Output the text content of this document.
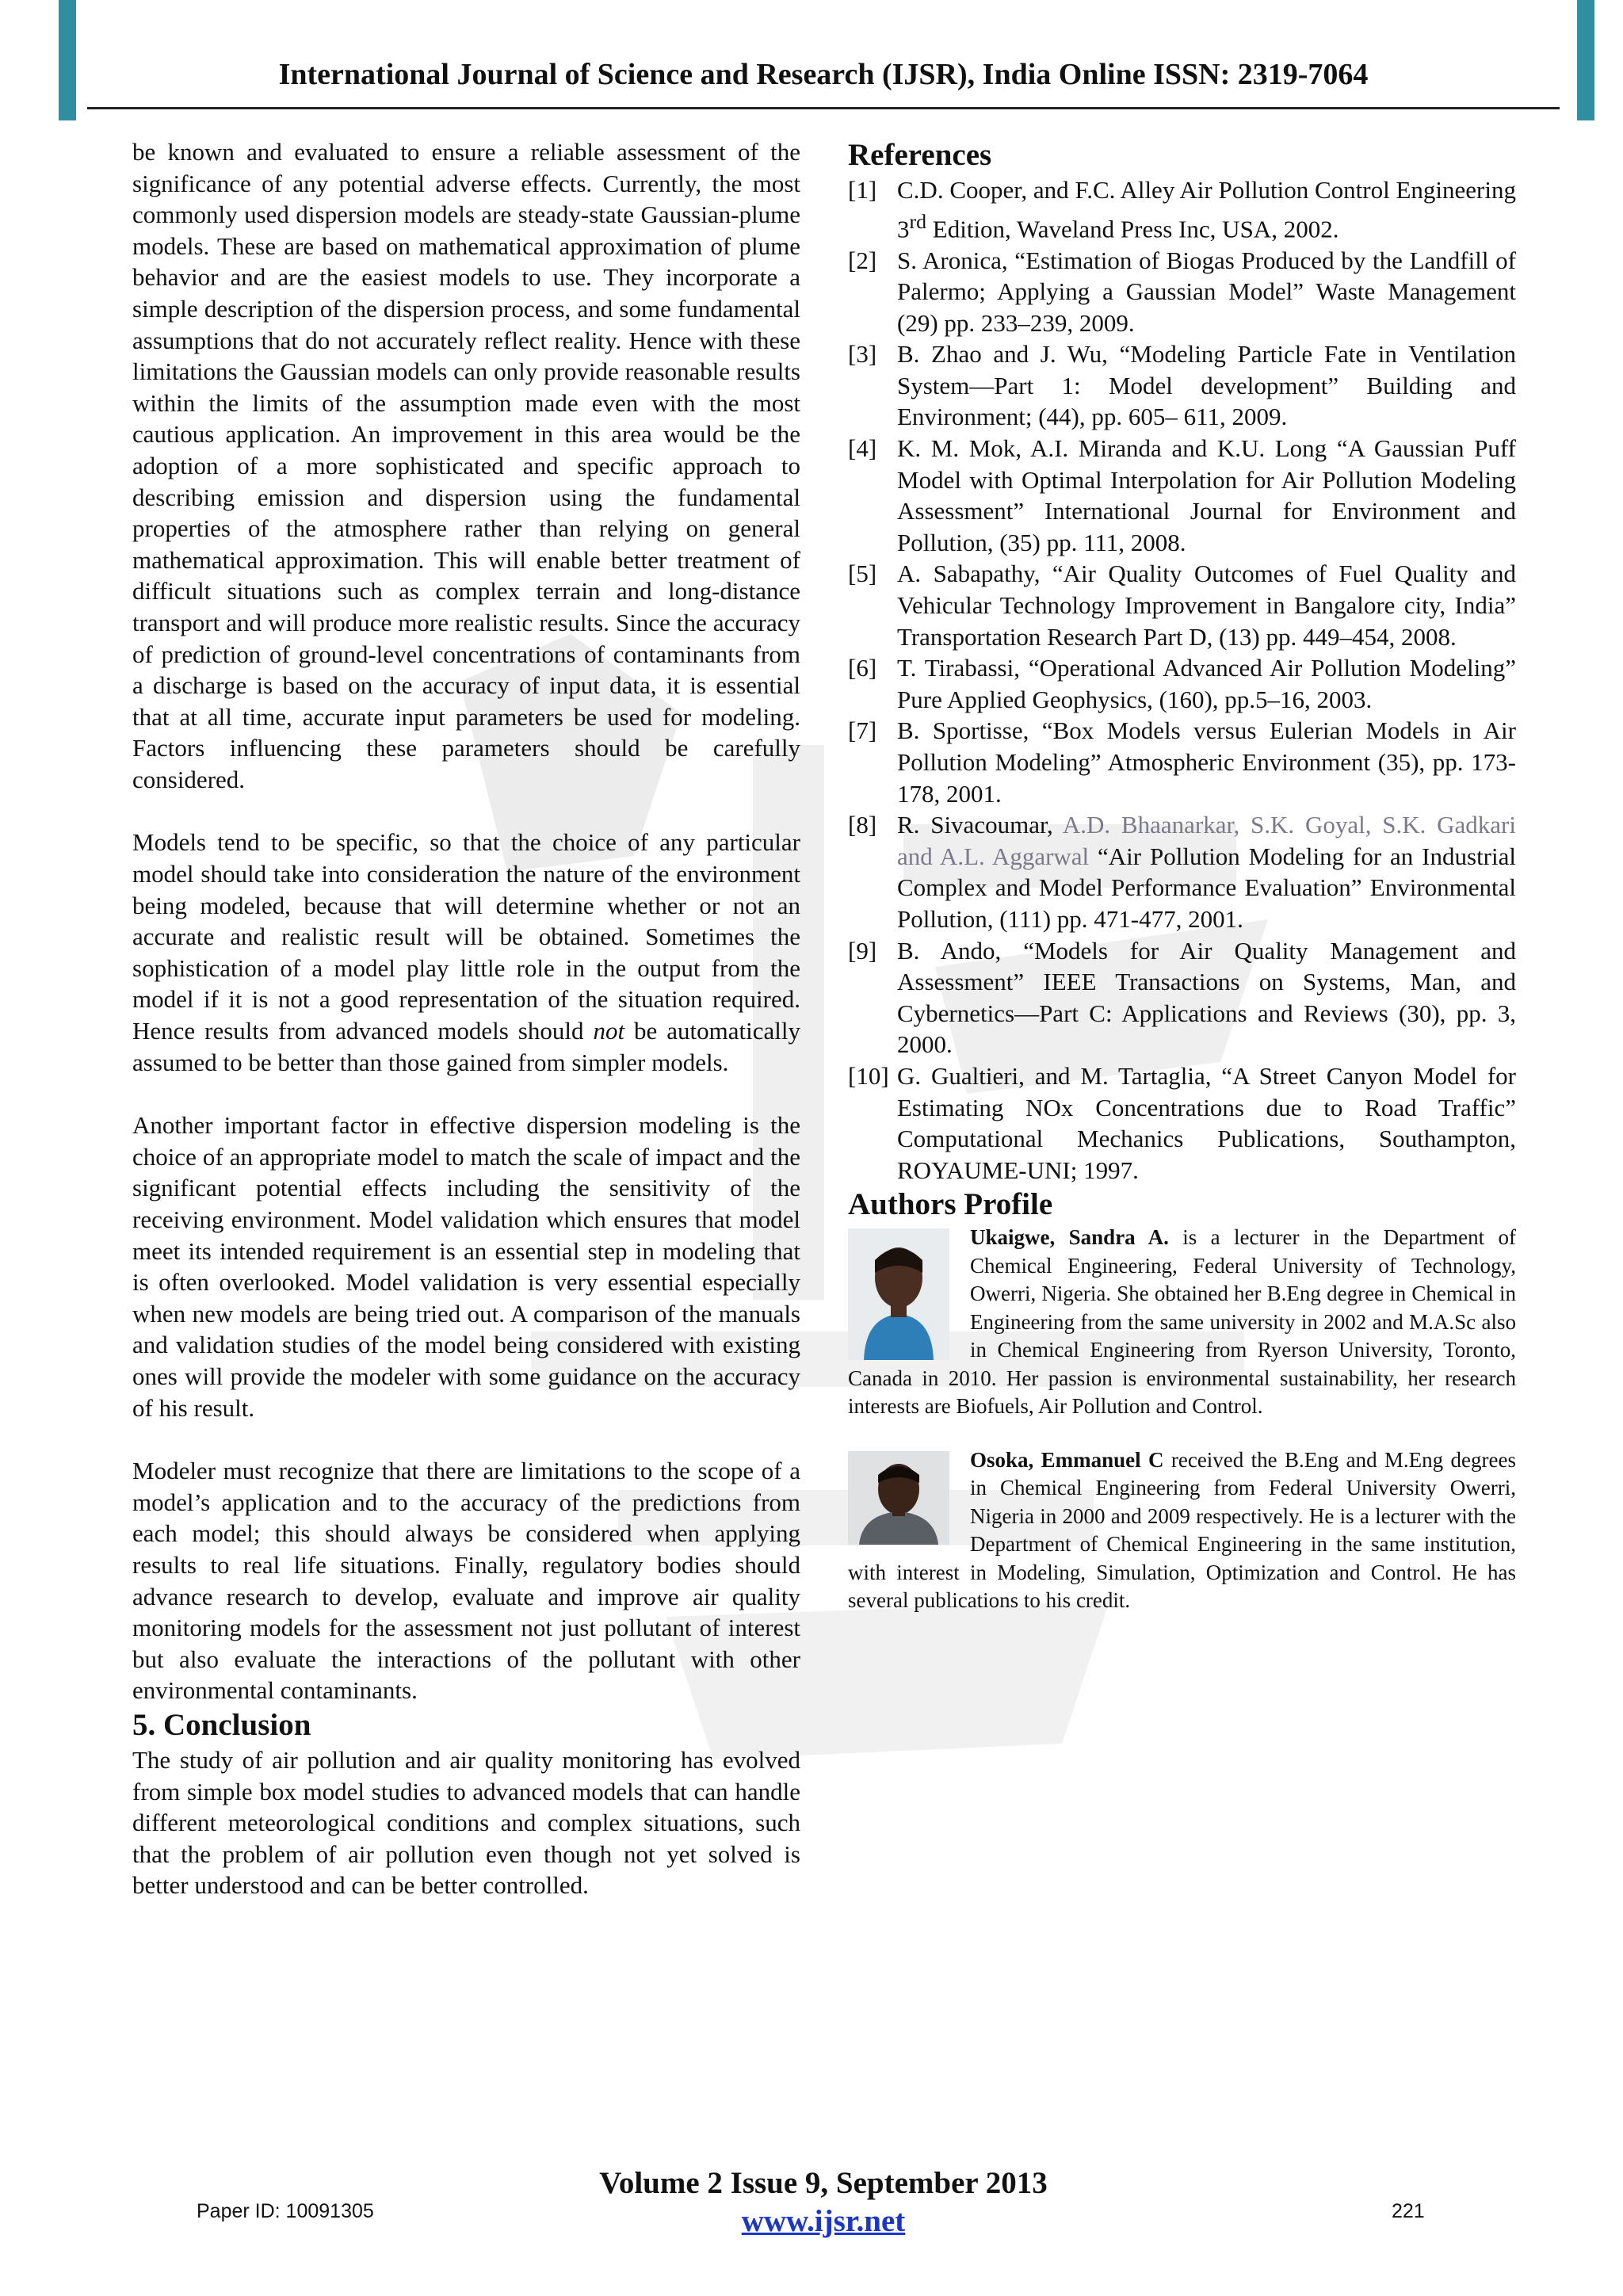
International Journal of Science and Research (IJSR), India Online ISSN: 2319-7064

be known and evaluated to ensure a reliable assessment of the significance of any potential adverse effects. Currently, the most commonly used dispersion models are steady-state Gaussian-plume models. These are based on mathematical approximation of plume behavior and are the easiest models to use. They incorporate a simple description of the dispersion process, and some fundamental assumptions that do not accurately reflect reality. Hence with these limitations the Gaussian models can only provide reasonable results within the limits of the assumption made even with the most cautious application. An improvement in this area would be the adoption of a more sophisticated and specific approach to describing emission and dispersion using the fundamental properties of the atmosphere rather than relying on general mathematical approximation. This will enable better treatment of difficult situations such as complex terrain and long-distance transport and will produce more realistic results. Since the accuracy of prediction of ground-level concentrations of contaminants from a discharge is based on the accuracy of input data, it is essential that at all time, accurate input parameters be used for modeling. Factors influencing these parameters should be carefully considered.

Models tend to be specific, so that the choice of any particular model should take into consideration the nature of the environment being modeled, because that will determine whether or not an accurate and realistic result will be obtained. Sometimes the sophistication of a model play little role in the output from the model if it is not a good representation of the situation required. Hence results from advanced models should not be automatically assumed to be better than those gained from simpler models.

Another important factor in effective dispersion modeling is the choice of an appropriate model to match the scale of impact and the significant potential effects including the sensitivity of the receiving environment. Model validation which ensures that model meet its intended requirement is an essential step in modeling that is often overlooked. Model validation is very essential especially when new models are being tried out. A comparison of the manuals and validation studies of the model being considered with existing ones will provide the modeler with some guidance on the accuracy of his result.

Modeler must recognize that there are limitations to the scope of a model’s application and to the accuracy of the predictions from each model; this should always be considered when applying results to real life situations. Finally, regulatory bodies should advance research to develop, evaluate and improve air quality monitoring models for the assessment not just pollutant of interest but also evaluate the interactions of the pollutant with other environmental contaminants.

5. Conclusion

The study of air pollution and air quality monitoring has evolved from simple box model studies to advanced models that can handle different meteorological conditions and complex situations, such that the problem of air pollution even though not yet solved is better understood and can be better controlled.

References
[1] C.D. Cooper, and F.C. Alley Air Pollution Control Engineering 3rd Edition, Waveland Press Inc, USA, 2002.
[2] S. Aronica, “Estimation of Biogas Produced by the Landfill of Palermo; Applying a Gaussian Model” Waste Management (29) pp. 233–239, 2009.
[3] B. Zhao and J. Wu, “Modeling Particle Fate in Ventilation System—Part 1: Model development” Building and Environment; (44), pp. 605– 611, 2009.
[4] K. M. Mok, A.I. Miranda and K.U. Long “A Gaussian Puff Model with Optimal Interpolation for Air Pollution Modeling Assessment” International Journal for Environment and Pollution, (35) pp. 111, 2008.
[5] A. Sabapathy, “Air Quality Outcomes of Fuel Quality and Vehicular Technology Improvement in Bangalore city, India” Transportation Research Part D, (13) pp. 449–454, 2008.
[6] T. Tirabassi, “Operational Advanced Air Pollution Modeling” Pure Applied Geophysics, (160), pp.5–16, 2003.
[7] B. Sportisse, “Box Models versus Eulerian Models in Air Pollution Modeling” Atmospheric Environment (35), pp. 173-178, 2001.
[8] R. Sivacoumar, A.D. Bhaanarkar, S.K. Goyal, S.K. Gadkari and A.L. Aggarwal “Air Pollution Modeling for an Industrial Complex and Model Performance Evaluation” Environmental Pollution, (111) pp. 471-477, 2001.
[9] B. Ando, “Models for Air Quality Management and Assessment” IEEE Transactions on Systems, Man, and Cybernetics—Part C: Applications and Reviews (30), pp. 3, 2000.
[10] G. Gualtieri, and M. Tartaglia, “A Street Canyon Model for Estimating NOx Concentrations due to Road Traffic” Computational Mechanics Publications, Southampton, ROYAUME-UNI; 1997.
Authors Profile
Ukaigwe, Sandra A. is a lecturer in the Department of Chemical Engineering, Federal University of Technology, Owerri, Nigeria. She obtained her B.Eng degree in Chemical in Engineering from the same university in 2002 and M.A.Sc also in Chemical Engineering from Ryerson University, Toronto, Canada in 2010. Her passion is environmental sustainability, her research interests are Biofuels, Air Pollution and Control.
Osoka, Emmanuel C received the B.Eng and M.Eng degrees in Chemical Engineering from Federal University Owerri, Nigeria in 2000 and 2009 respectively. He is a lecturer with the Department of Chemical Engineering in the same institution, with interest in Modeling, Simulation, Optimization and Control. He has several publications to his credit.
Volume 2 Issue 9, September 2013
www.ijsr.net
Paper ID: 10091305	221
